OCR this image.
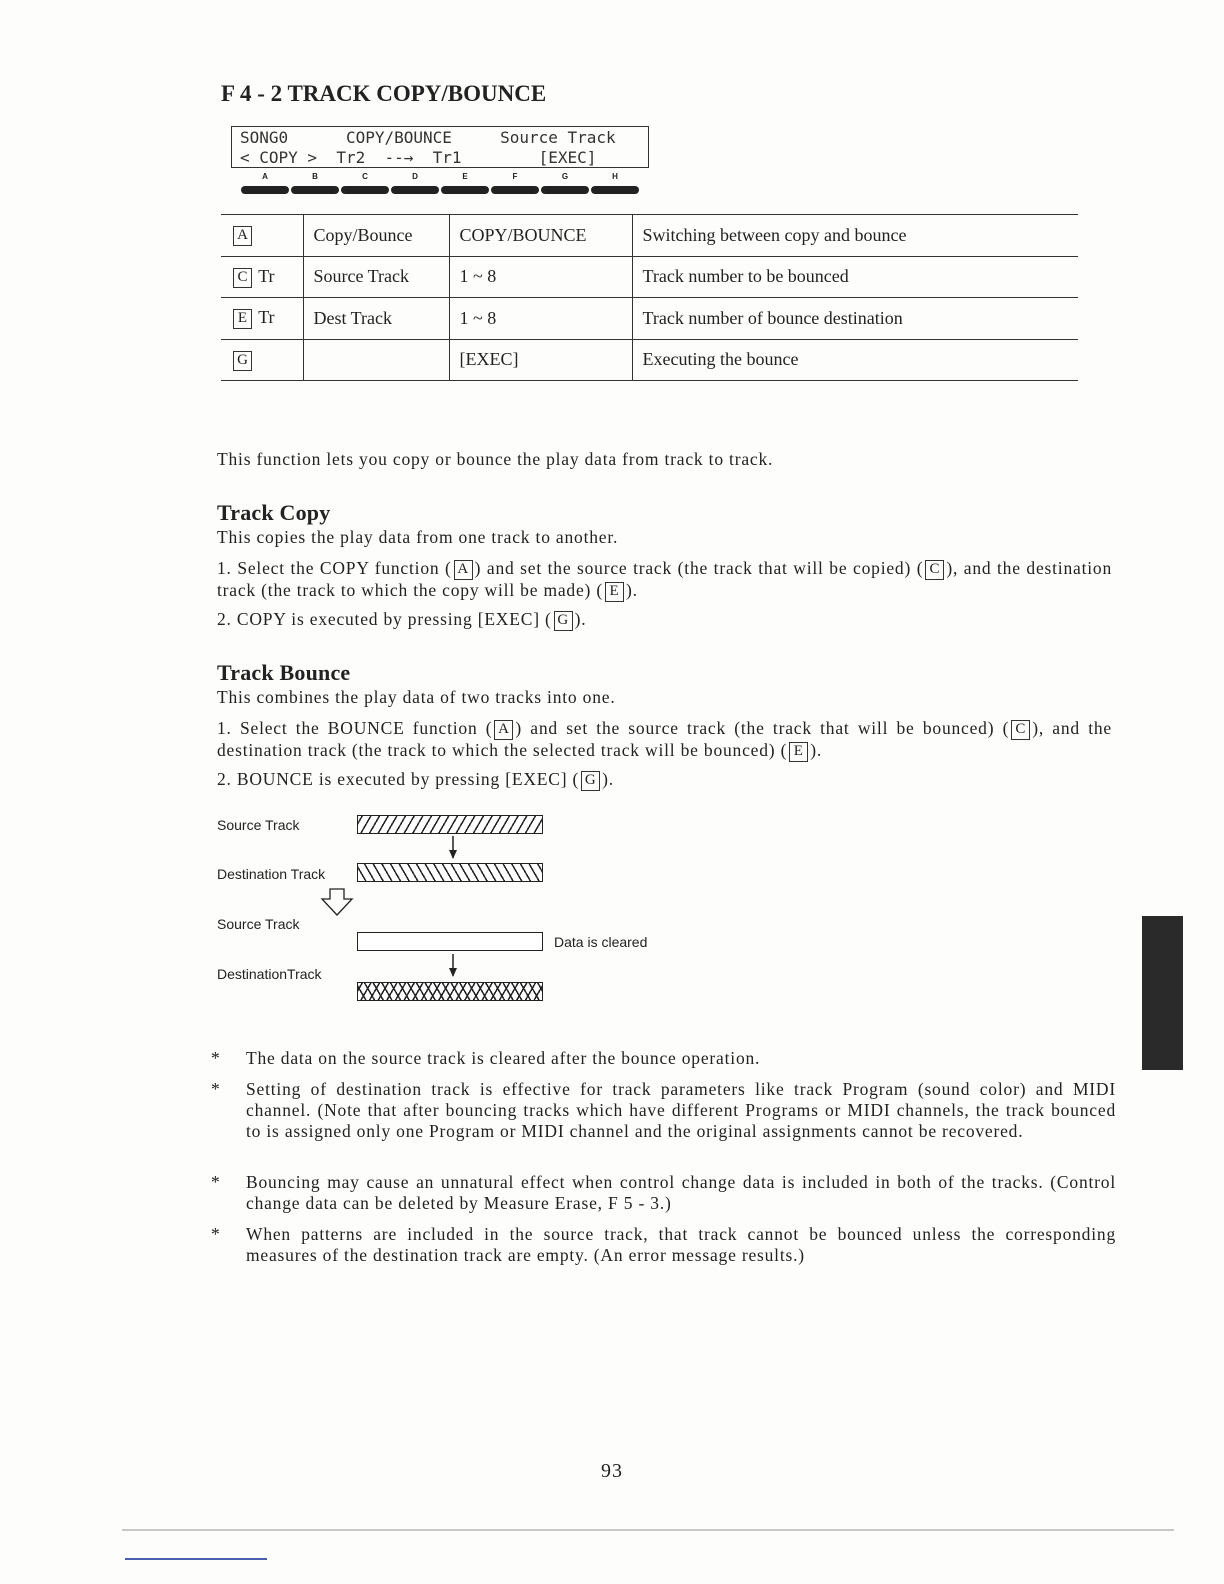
F 4 - 2 TRACK COPY/BOUNCE
SONG0      COPY/BOUNCE     Source Track
< COPY >  Tr2  --→  Tr1        [EXEC]
A	B	C	D	E	F	G	H
A	Copy/Bounce	COPY/BOUNCE	Switching between copy and bounce
C Tr	Source Track	1 ~ 8	Track number to be bounced
E Tr	Dest Track	1 ~ 8	Track number of bounce destination
G		[EXEC]	Executing the bounce
This function lets you copy or bounce the play data from track to track.
Track Copy
This copies the play data from one track to another.
1. Select the COPY function ( A ) and set the source track (the track that will be copied) ( C ), and the destination track (the track to which the copy will be made) ( E ).
2. COPY is executed by pressing [EXEC] ( G ).
Track Bounce
This combines the play data of two tracks into one.
1. Select the BOUNCE function ( A ) and set the source track (the track that will be bounced) ( C ), and the destination track (the track to which the selected track will be bounced) ( E ).
2. BOUNCE is executed by pressing [EXEC] ( G ).
Source Track
Destination Track
Source Track
Data is cleared
DestinationTrack
* The data on the source track is cleared after the bounce operation.
* Setting of destination track is effective for track parameters like track Program (sound color) and MIDI channel. (Note that after bouncing tracks which have different Programs or MIDI channels, the track bounced to is assigned only one Program or MIDI channel and the original assignments cannot be recovered.
* Bouncing may cause an unnatural effect when control change data is included in both of the tracks. (Control change data can be deleted by Measure Erase, F 5 - 3.)
* When patterns are included in the source track, that track cannot be bounced unless the corresponding measures of the destination track are empty. (An error message results.)
93
